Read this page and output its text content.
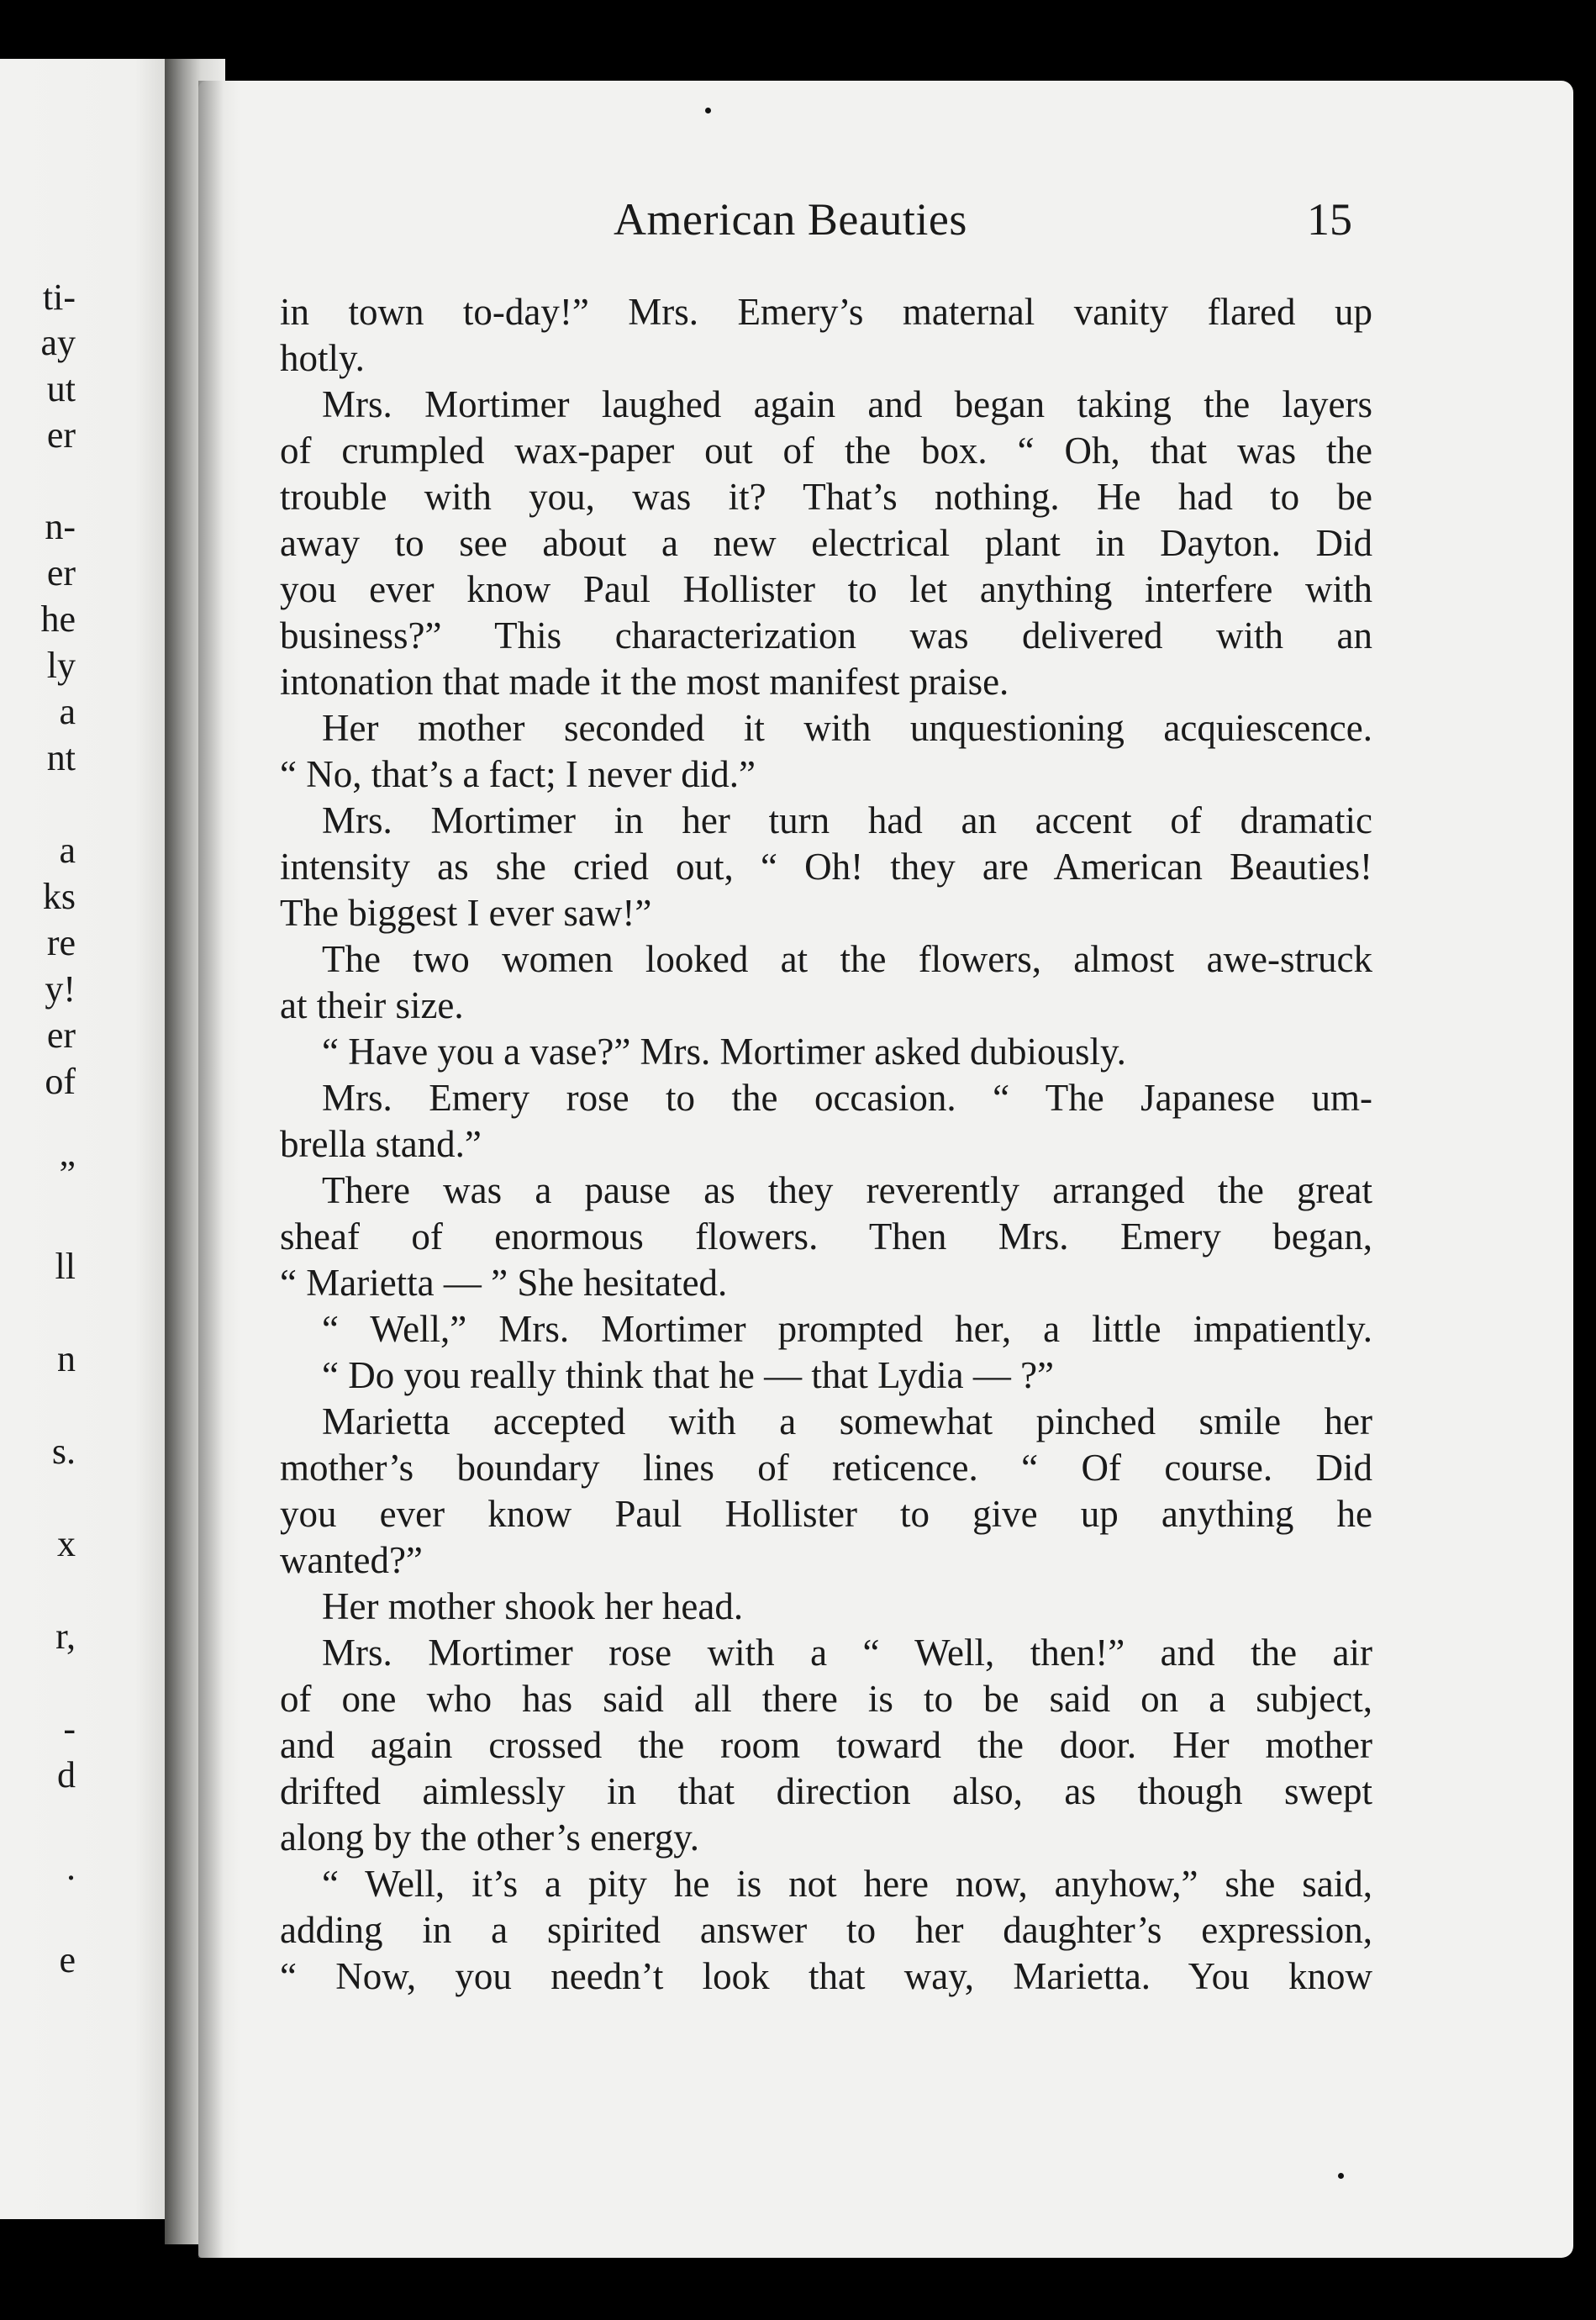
ti-
ay
ut
er
n-
er
he
ly
a
nt
a
ks
re
y!
er
of
”
ll
n
s.
x
r,
-
d
.
e
American Beauties	15
in town to-day!” Mrs. Emery’s maternal vanity flared up
hotly.
Mrs. Mortimer laughed again and began taking the layers
of crumpled wax-paper out of the box. “ Oh, that was the
trouble with you, was it? That’s nothing. He had to be
away to see about a new electrical plant in Dayton. Did
you ever know Paul Hollister to let anything interfere with
business?” This characterization was delivered with an
intonation that made it the most manifest praise.
Her mother seconded it with unquestioning acquiescence.
“ No, that’s a fact; I never did.”
Mrs. Mortimer in her turn had an accent of dramatic
intensity as she cried out, “ Oh! they are American Beauties!
The biggest I ever saw!”
The two women looked at the flowers, almost awe-struck
at their size.
“ Have you a vase?” Mrs. Mortimer asked dubiously.
Mrs. Emery rose to the occasion. “ The Japanese um-
brella stand.”
There was a pause as they reverently arranged the great
sheaf of enormous flowers. Then Mrs. Emery began,
“ Marietta — ” She hesitated.
“ Well,” Mrs. Mortimer prompted her, a little impatiently.
“ Do you really think that he — that Lydia — ?”
Marietta accepted with a somewhat pinched smile her
mother’s boundary lines of reticence. “ Of course. Did
you ever know Paul Hollister to give up anything he
wanted?”
Her mother shook her head.
Mrs. Mortimer rose with a “ Well, then!” and the air
of one who has said all there is to be said on a subject,
and again crossed the room toward the door. Her mother
drifted aimlessly in that direction also, as though swept
along by the other’s energy.
“ Well, it’s a pity he is not here now, anyhow,” she said,
adding in a spirited answer to her daughter’s expression,
“ Now, you needn’t look that way, Marietta. You know
